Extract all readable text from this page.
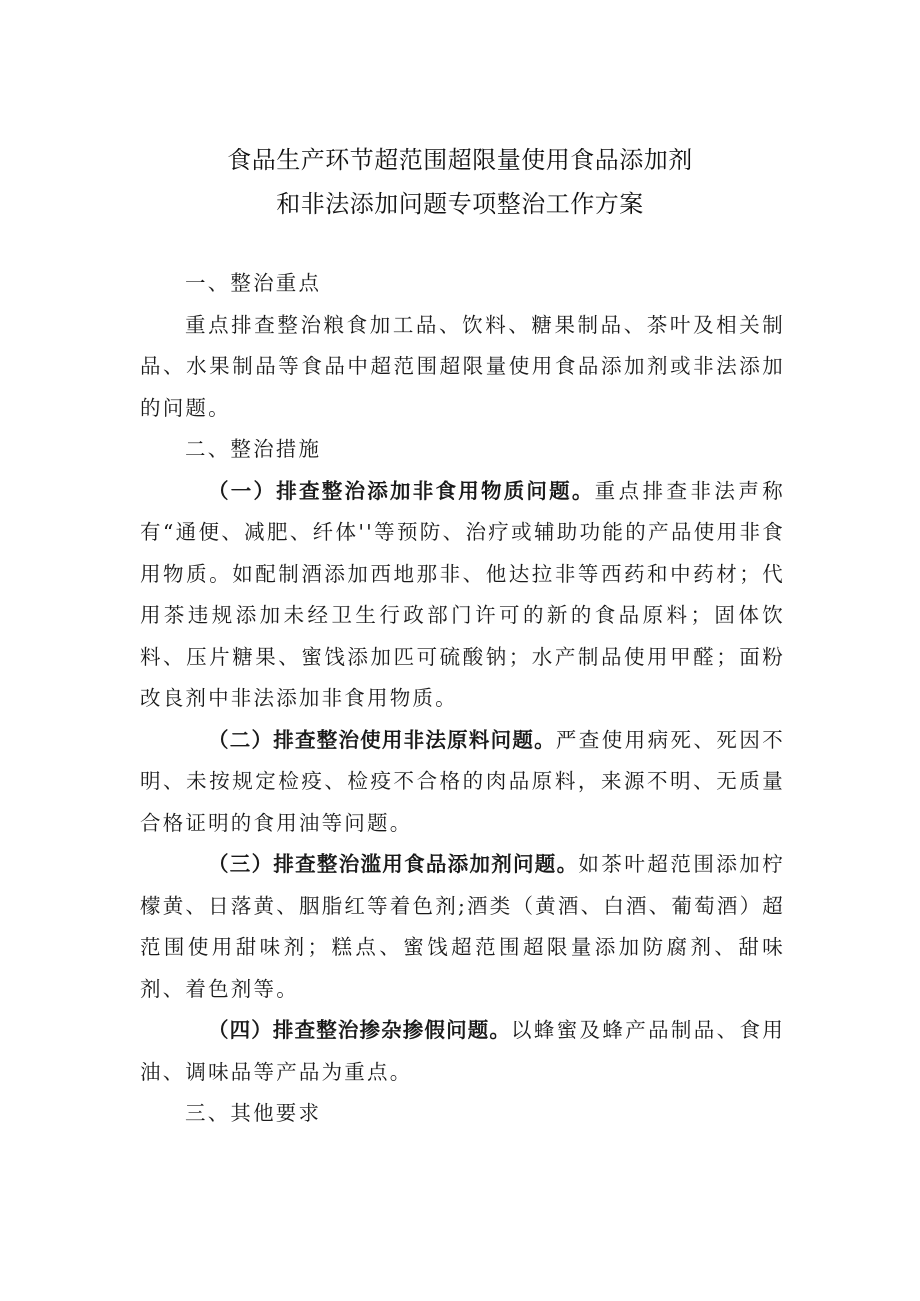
食品生产环节超范围超限量使用食品添加剂
和非法添加问题专项整治工作方案

一、整治重点

重点排查整治粮食加工品、饮料、糖果制品、茶叶及相关制品、水果制品等食品中超范围超限量使用食品添加剂或非法添加的问题。

二、整治措施

（一）排查整治添加非食用物质问题。重点排查非法声称有“通便、减肥、纤体''等预防、治疗或辅助功能的产品使用非食用物质。如配制酒添加西地那非、他达拉非等西药和中药材；代用茶违规添加未经卫生行政部门许可的新的食品原料；固体饮料、压片糖果、蜜饯添加匹可硫酸钠；水产制品使用甲醛；面粉改良剂中非法添加非食用物质。

（二）排查整治使用非法原料问题。严查使用病死、死因不明、未按规定检疫、检疫不合格的肉品原料，来源不明、无质量合格证明的食用油等问题。

（三）排查整治滥用食品添加剂问题。如茶叶超范围添加柠檬黄、日落黄、胭脂红等着色剂;酒类（黄酒、白酒、葡萄酒）超范围使用甜味剂；糕点、蜜饯超范围超限量添加防腐剂、甜味剂、着色剂等。

（四）排查整治掺杂掺假问题。以蜂蜜及蜂产品制品、食用油、调味品等产品为重点。

三、其他要求
